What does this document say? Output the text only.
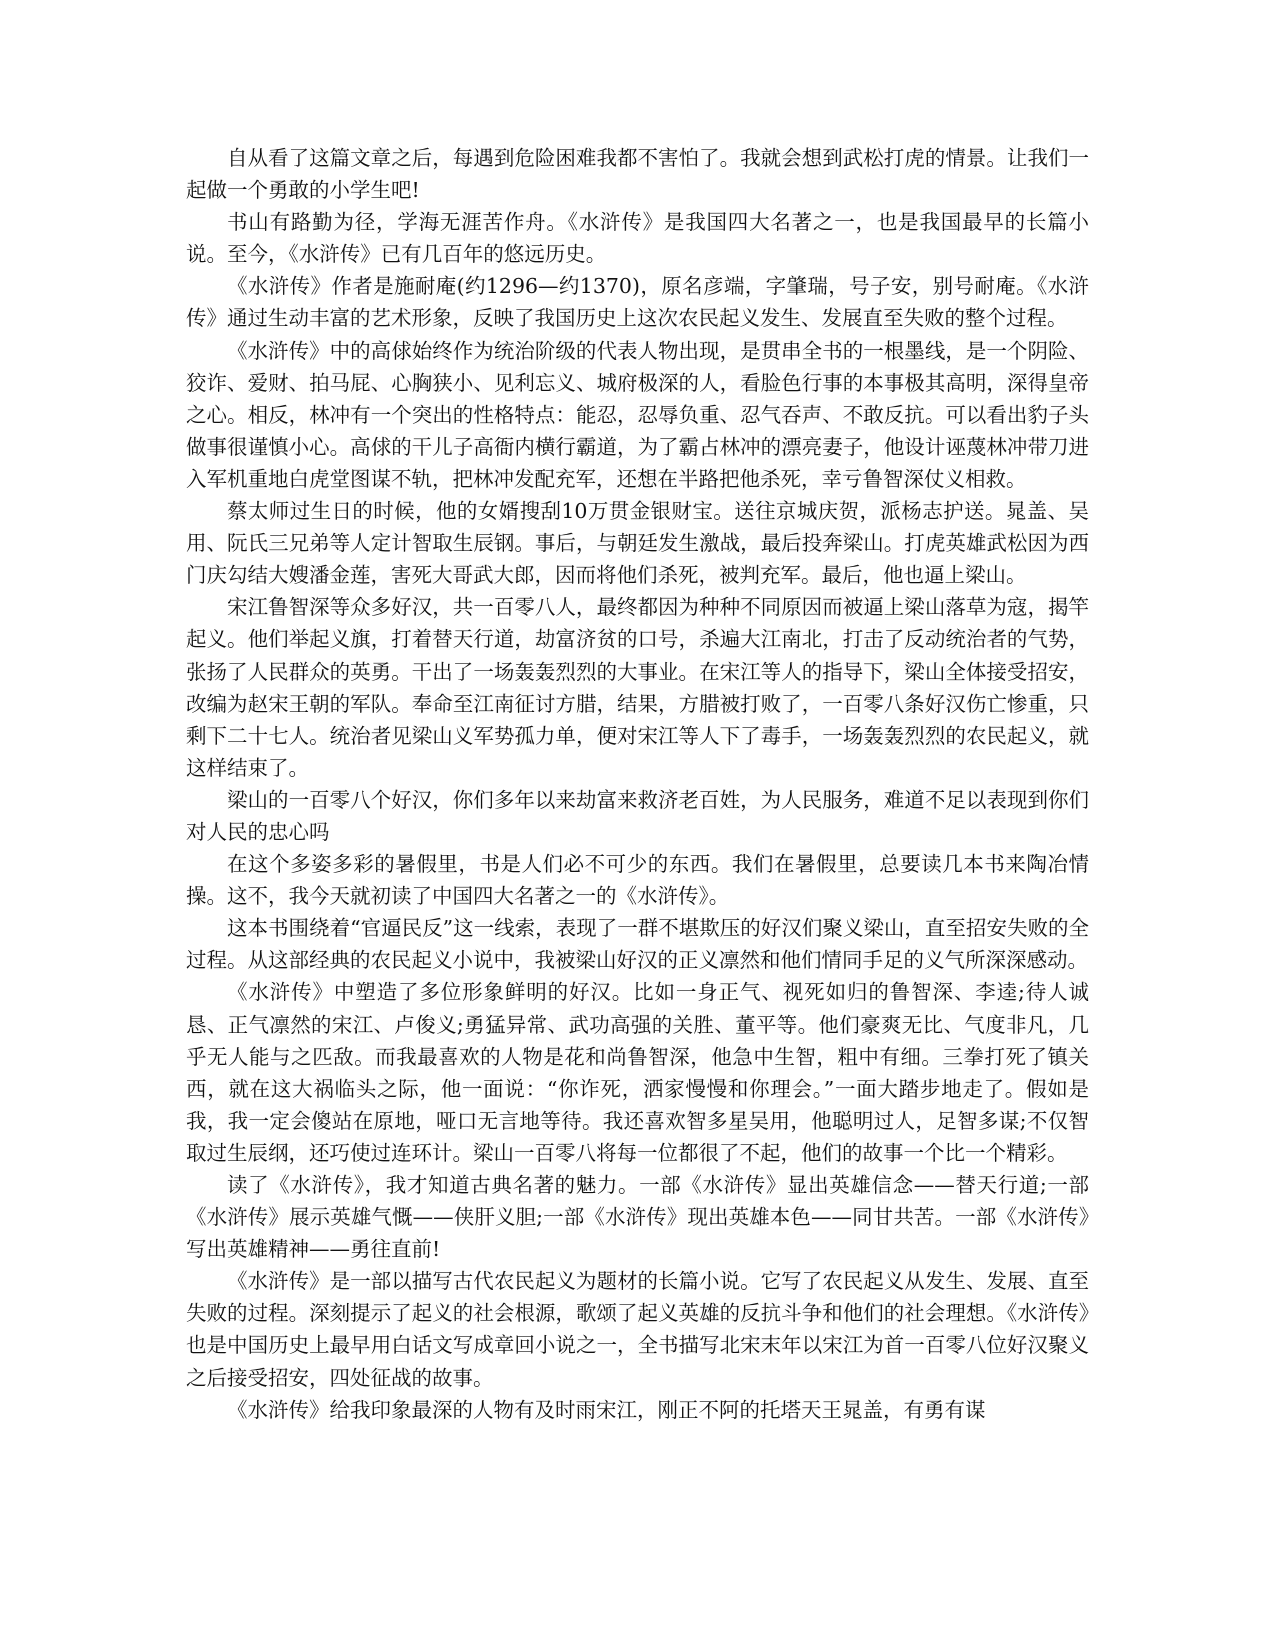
自从看了这篇文章之后，每遇到危险困难我都不害怕了。我就会想到武松打虎的情景。让我们一起做一个勇敢的小学生吧!

书山有路勤为径，学海无涯苦作舟。《水浒传》是我国四大名著之一，也是我国最早的长篇小说。至今，《水浒传》已有几百年的悠远历史。

《水浒传》作者是施耐庵(约1296—约1370)，原名彦端，字肇瑞，号子安，别号耐庵。《水浒传》通过生动丰富的艺术形象，反映了我国历史上这次农民起义发生、发展直至失败的整个过程。

《水浒传》中的高俅始终作为统治阶级的代表人物出现，是贯串全书的一根墨线，是一个阴险、狡诈、爱财、拍马屁、心胸狭小、见利忘义、城府极深的人，看脸色行事的本事极其高明，深得皇帝之心。相反，林冲有一个突出的性格特点：能忍，忍辱负重、忍气吞声、不敢反抗。可以看出豹子头做事很谨慎小心。高俅的干儿子高衙内横行霸道，为了霸占林冲的漂亮妻子，他设计诬蔑林冲带刀进入军机重地白虎堂图谋不轨，把林冲发配充军，还想在半路把他杀死，幸亏鲁智深仗义相救。

蔡太师过生日的时候，他的女婿搜刮10万贯金银财宝。送往京城庆贺，派杨志护送。晁盖、吴用、阮氏三兄弟等人定计智取生辰钢。事后，与朝廷发生激战，最后投奔梁山。打虎英雄武松因为西门庆勾结大嫂潘金莲，害死大哥武大郎，因而将他们杀死，被判充军。最后，他也逼上梁山。

宋江鲁智深等众多好汉，共一百零八人，最终都因为种种不同原因而被逼上梁山落草为寇，揭竿起义。他们举起义旗，打着替天行道，劫富济贫的口号，杀遍大江南北，打击了反动统治者的气势，张扬了人民群众的英勇。干出了一场轰轰烈烈的大事业。在宋江等人的指导下，梁山全体接受招安，改编为赵宋王朝的军队。奉命至江南征讨方腊，结果，方腊被打败了，一百零八条好汉伤亡惨重，只剩下二十七人。统治者见梁山义军势孤力单，便对宋江等人下了毒手，一场轰轰烈烈的农民起义，就这样结束了。

梁山的一百零八个好汉，你们多年以来劫富来救济老百姓，为人民服务，难道不足以表现到你们对人民的忠心吗

在这个多姿多彩的暑假里，书是人们必不可少的东西。我们在暑假里，总要读几本书来陶冶情操。这不，我今天就初读了中国四大名著之一的《水浒传》。

这本书围绕着“官逼民反”这一线索，表现了一群不堪欺压的好汉们聚义梁山，直至招安失败的全过程。从这部经典的农民起义小说中，我被梁山好汉的正义凛然和他们情同手足的义气所深深感动。

《水浒传》中塑造了多位形象鲜明的好汉。比如一身正气、视死如归的鲁智深、李逵;待人诚恳、正气凛然的宋江、卢俊义;勇猛异常、武功高强的关胜、董平等。他们豪爽无比、气度非凡，几乎无人能与之匹敌。而我最喜欢的人物是花和尚鲁智深，他急中生智，粗中有细。三拳打死了镇关西，就在这大祸临头之际，他一面说：“你诈死，洒家慢慢和你理会。”一面大踏步地走了。假如是我，我一定会傻站在原地，哑口无言地等待。我还喜欢智多星吴用，他聪明过人，足智多谋;不仅智取过生辰纲，还巧使过连环计。梁山一百零八将每一位都很了不起，他们的故事一个比一个精彩。

读了《水浒传》，我才知道古典名著的魅力。一部《水浒传》显出英雄信念——替天行道;一部《水浒传》展示英雄气慨——侠肝义胆;一部《水浒传》现出英雄本色——同甘共苦。一部《水浒传》写出英雄精神——勇往直前!

《水浒传》是一部以描写古代农民起义为题材的长篇小说。它写了农民起义从发生、发展、直至失败的过程。深刻提示了起义的社会根源，歌颂了起义英雄的反抗斗争和他们的社会理想。《水浒传》也是中国历史上最早用白话文写成章回小说之一，全书描写北宋末年以宋江为首一百零八位好汉聚义之后接受招安，四处征战的故事。

《水浒传》给我印象最深的人物有及时雨宋江，刚正不阿的托塔天王晁盖，有勇有谋
